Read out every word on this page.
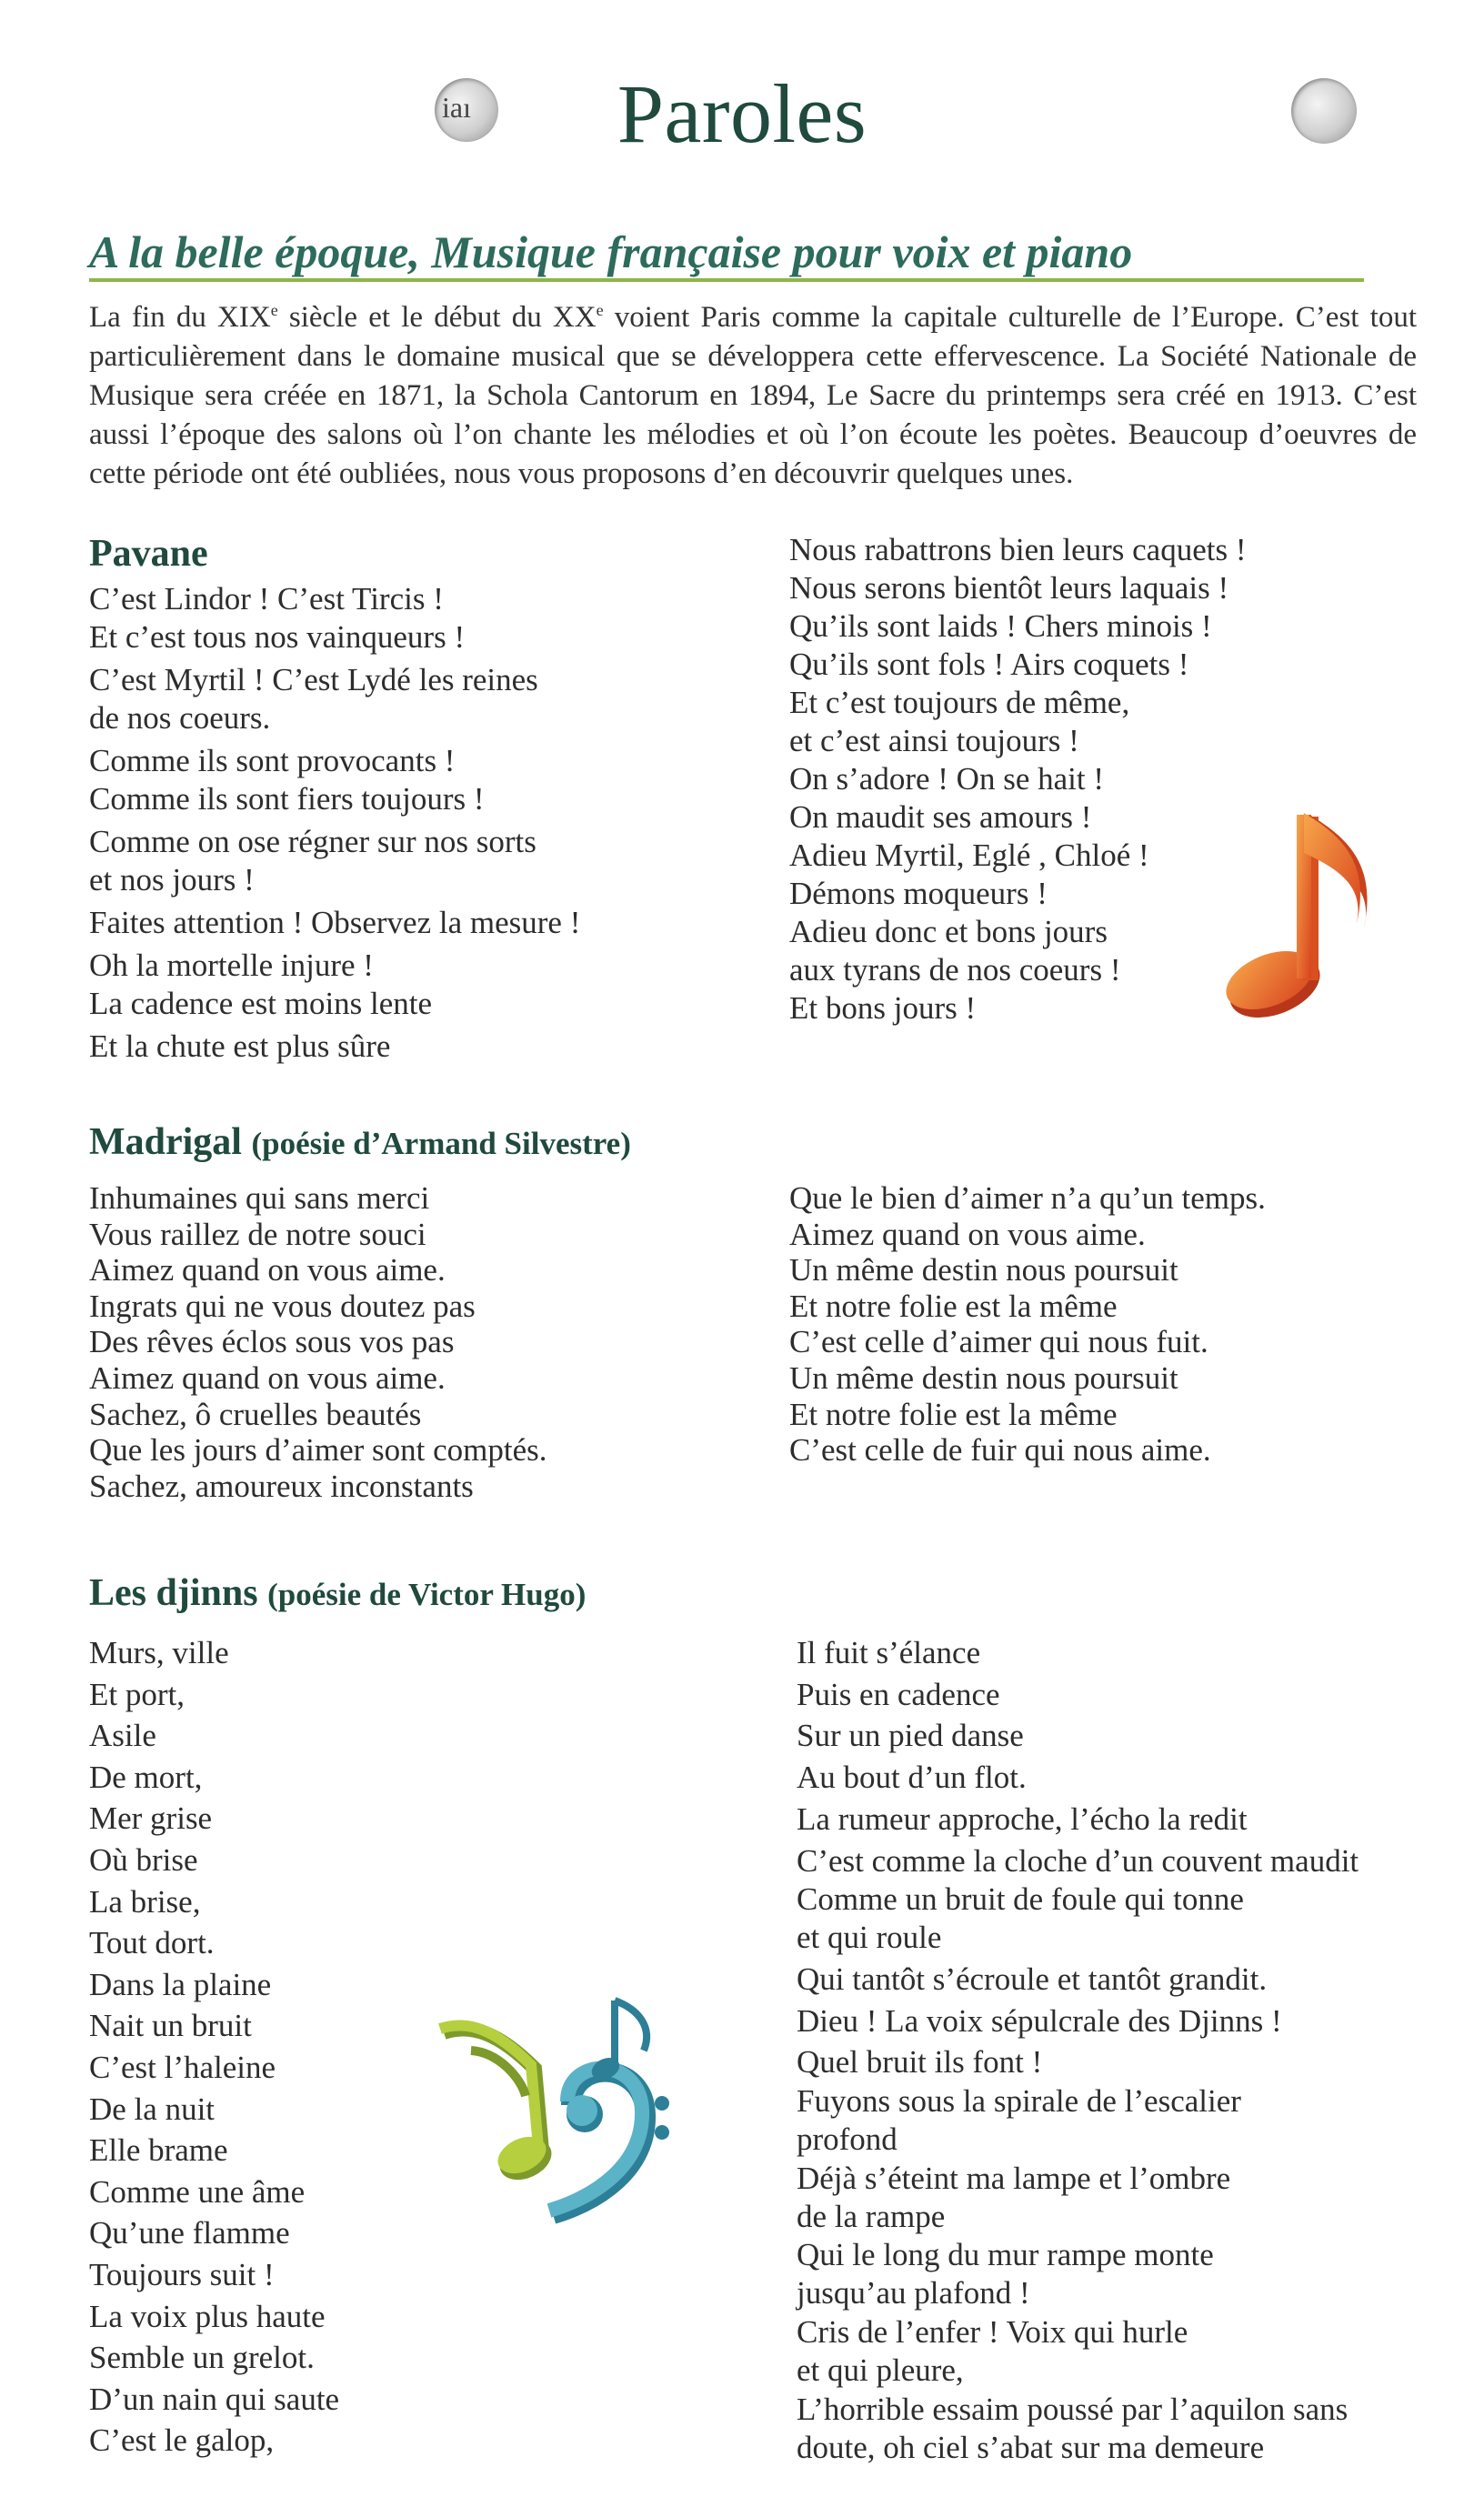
iaı	Paroles
A la belle époque, Musique française pour voix et piano
La fin du XIXe siècle et le début du XXe voient Paris comme la capitale culturelle de l’Europe. C’est tout particulièrement dans le domaine musical que se développera cette effervescence. La Société Nationale de Musique sera créée en 1871, la Schola Cantorum en 1894, Le Sacre du printemps sera créé en 1913. C’est aussi l’époque des salons où l’on chante les mélodies et où l’on écoute les poètes. Beaucoup d’oeuvres de cette période ont été oubliées, nous vous proposons d’en découvrir quelques unes.
Pavane
C’est Lindor ! C’est Tircis !
Et c’est tous nos vainqueurs !
C’est Myrtil ! C’est Lydé les reines
de nos coeurs.
Comme ils sont provocants !
Comme ils sont fiers toujours !
Comme on ose régner sur nos sorts
et nos jours !
Faites attention ! Observez la mesure !
Oh la mortelle injure !
La cadence est moins lente
Et la chute est plus sûre
Nous rabattrons bien leurs caquets !
Nous serons bientôt leurs laquais !
Qu’ils sont laids ! Chers minois !
Qu’ils sont fols ! Airs coquets !
Et c’est toujours de même,
et c’est ainsi toujours !
On s’adore ! On se hait !
On maudit ses amours !
Adieu Myrtil, Eglé , Chloé !
Démons moqueurs !
Adieu donc et bons jours
aux tyrans de nos coeurs !
Et bons jours !
Madrigal (poésie d’Armand Silvestre)
Inhumaines qui sans merci
Vous raillez de notre souci
Aimez quand on vous aime.
Ingrats qui ne vous doutez pas
Des rêves éclos sous vos pas
Aimez quand on vous aime.
Sachez, ô cruelles beautés
Que les jours d’aimer sont comptés.
Sachez, amoureux inconstants
Que le bien d’aimer n’a qu’un temps.
Aimez quand on vous aime.
Un même destin nous poursuit
Et notre folie est la même
C’est celle d’aimer qui nous fuit.
Un même destin nous poursuit
Et notre folie est la même
C’est celle de fuir qui nous aime.
Les djinns (poésie de Victor Hugo)
Murs, ville
Et port,
Asile
De mort,
Mer grise
Où brise
La brise,
Tout dort.
Dans la plaine
Nait un bruit
C’est l’haleine
De la nuit
Elle brame
Comme une âme
Qu’une flamme
Toujours suit !
La voix plus haute
Semble un grelot.
D’un nain qui saute
C’est le galop,
Il fuit s’élance
Puis en cadence
Sur un pied danse
Au bout d’un flot.
La rumeur approche, l’écho la redit
C’est comme la cloche d’un couvent maudit
Comme un bruit de foule qui tonne
et qui roule
Qui tantôt s’écroule et tantôt grandit.
Dieu ! La voix sépulcrale des Djinns !
Quel bruit ils font !
Fuyons sous la spirale de l’escalier
profond
Déjà s’éteint ma lampe et l’ombre
de la rampe
Qui le long du mur rampe monte
jusqu’au plafond !
Cris de l’enfer ! Voix qui hurle
et qui pleure,
L’horrible essaim poussé par l’aquilon sans
doute, oh ciel s’abat sur ma demeure
